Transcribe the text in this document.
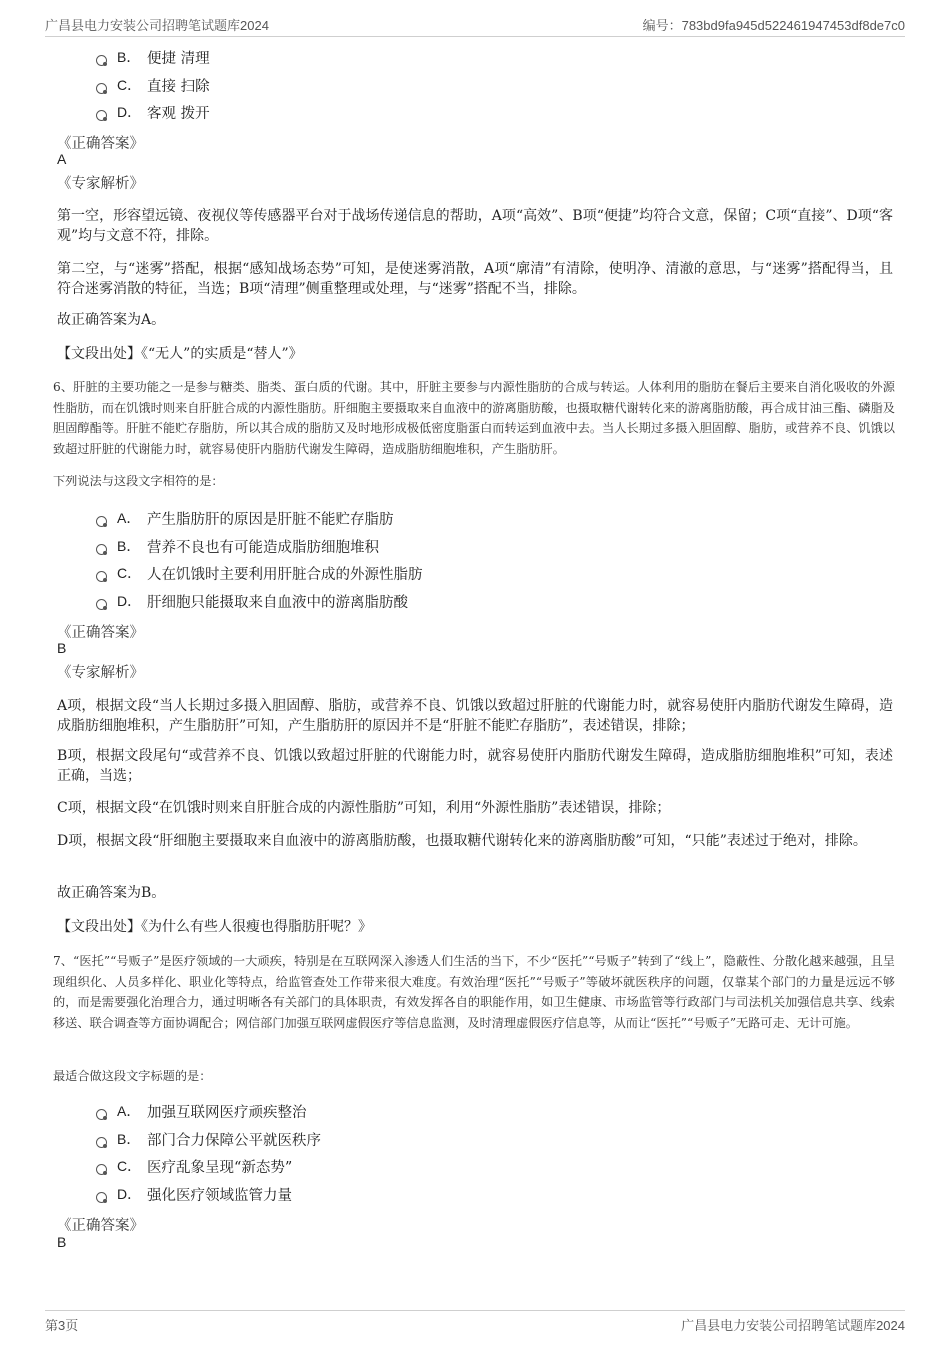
广昌县电力安装公司招聘笔试题库2024	编号：783bd9fa945d522461947453df8de7c0
B． 便捷 清理
C． 直接 扫除
D． 客观 拨开
《正确答案》
A
《专家解析》
第一空，形容望远镜、夜视仪等传感器平台对于战场传递信息的帮助，A项“高效”、B项“便捷”均符合文意，保留；C项“直接”、D项“客观”均与文意不符，排除。
第二空，与“迷雾”搭配，根据“感知战场态势”可知，是使迷雾消散，A项“廓清”有清除，使明净、清澈的意思，与“迷雾”搭配得当，且符合迷雾消散的特征，当选；B项“清理”侧重整理或处理，与“迷雾”搭配不当，排除。
故正确答案为A。
【文段出处】《“无人”的实质是“替人”》
6、肝脏的主要功能之一是参与糖类、脂类、蛋白质的代谢。其中，肝脏主要参与内源性脂肪的合成与转运。人体利用的脂肪在餐后主要来自消化吸收的外源性脂肪，而在饥饿时则来自肝脏合成的内源性脂肪。肝细胞主要摄取来自血液中的游离脂肪酸，也摄取糖代谢转化来的游离脂肪酸，再合成甘油三酯、磷脂及胆固醇酯等。肝脏不能贮存脂肪，所以其合成的脂肪又及时地形成极低密度脂蛋白而转运到血液中去。当人长期过多摄入胆固醇、脂肪，或营养不良、饥饿以致超过肝脏的代谢能力时，就容易使肝内脂肪代谢发生障碍，造成脂肪细胞堆积，产生脂肪肝。
下列说法与这段文字相符的是：
A． 产生脂肪肝的原因是肝脏不能贮存脂肪
B． 营养不良也有可能造成脂肪细胞堆积
C． 人在饥饿时主要利用肝脏合成的外源性脂肪
D． 肝细胞只能摄取来自血液中的游离脂肪酸
《正确答案》
B
《专家解析》
A项，根据文段“当人长期过多摄入胆固醇、脂肪，或营养不良、饥饿以致超过肝脏的代谢能力时，就容易使肝内脂肪代谢发生障碍，造成脂肪细胞堆积，产生脂肪肝”可知，产生脂肪肝的原因并不是“肝脏不能贮存脂肪”，表述错误，排除；
B项，根据文段尾句“或营养不良、饥饿以致超过肝脏的代谢能力时，就容易使肝内脂肪代谢发生障碍，造成脂肪细胞堆积”可知，表述正确，当选；
C项，根据文段“在饥饿时则来自肝脏合成的内源性脂肪”可知，利用“外源性脂肪”表述错误，排除；
D项，根据文段“肝细胞主要摄取来自血液中的游离脂肪酸，也摄取糖代谢转化来的游离脂肪酸”可知，“只能”表述过于绝对，排除。
故正确答案为B。
【文段出处】《为什么有些人很瘦也得脂肪肝呢？》
7、“医托”“号贩子”是医疗领域的一大顽疾，特别是在互联网深入渗透人们生活的当下，不少“医托”“号贩子”转到了“线上”，隐蔽性、分散化越来越强，且呈现组织化、人员多样化、职业化等特点，给监管查处工作带来很大难度。有效治理“医托”“号贩子”等破坏就医秩序的问题，仅靠某个部门的力量是远远不够的，而是需要强化治理合力，通过明晰各有关部门的具体职责，有效发挥各自的职能作用，如卫生健康、市场监管等行政部门与司法机关加强信息共享、线索移送、联合调查等方面协调配合；网信部门加强互联网虚假医疗等信息监测，及时清理虚假医疗信息等，从而让“医托”“号贩子”无路可走、无计可施。
最适合做这段文字标题的是：
A． 加强互联网医疗顽疾整治
B． 部门合力保障公平就医秩序
C． 医疗乱象呈现“新态势”
D． 强化医疗领域监管力量
《正确答案》
B
第3页	广昌县电力安装公司招聘笔试题库2024
